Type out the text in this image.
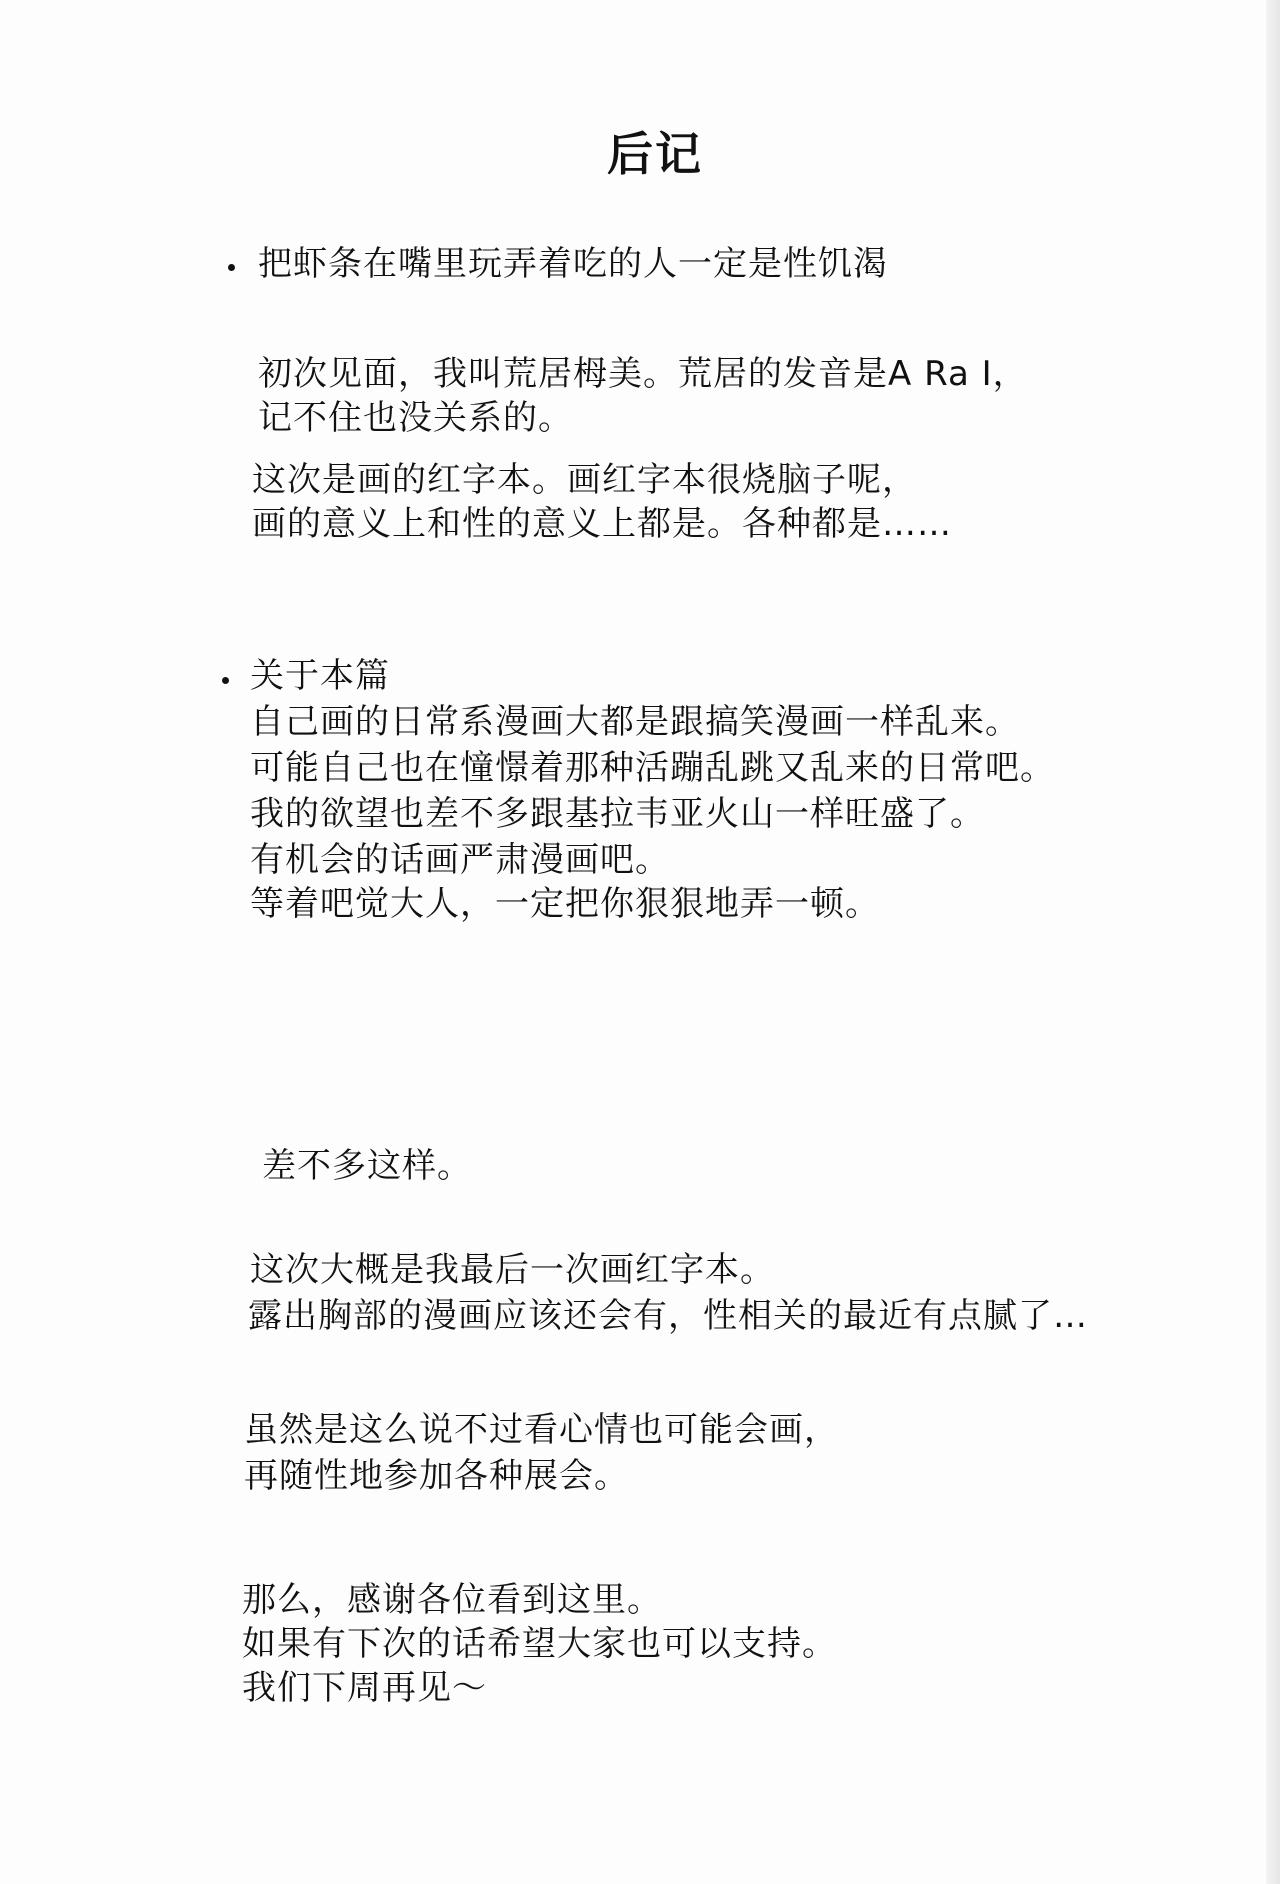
后记
把虾条在嘴里玩弄着吃的人一定是性饥渴
初次见面，我叫荒居栂美。荒居的发音是A Ra I，
记不住也没关系的。
这次是画的红字本。画红字本很烧脑子呢，
画的意义上和性的意义上都是。各种都是……
关于本篇
自己画的日常系漫画大都是跟搞笑漫画一样乱来。
可能自己也在憧憬着那种活蹦乱跳又乱来的日常吧。
我的欲望也差不多跟基拉韦亚火山一样旺盛了。
有机会的话画严肃漫画吧。
等着吧觉大人，一定把你狠狠地弄一顿。
差不多这样。
这次大概是我最后一次画红字本。
露出胸部的漫画应该还会有，性相关的最近有点腻了…
虽然是这么说不过看心情也可能会画，
再随性地参加各种展会。
那么，感谢各位看到这里。
如果有下次的话希望大家也可以支持。
我们下周再见～
